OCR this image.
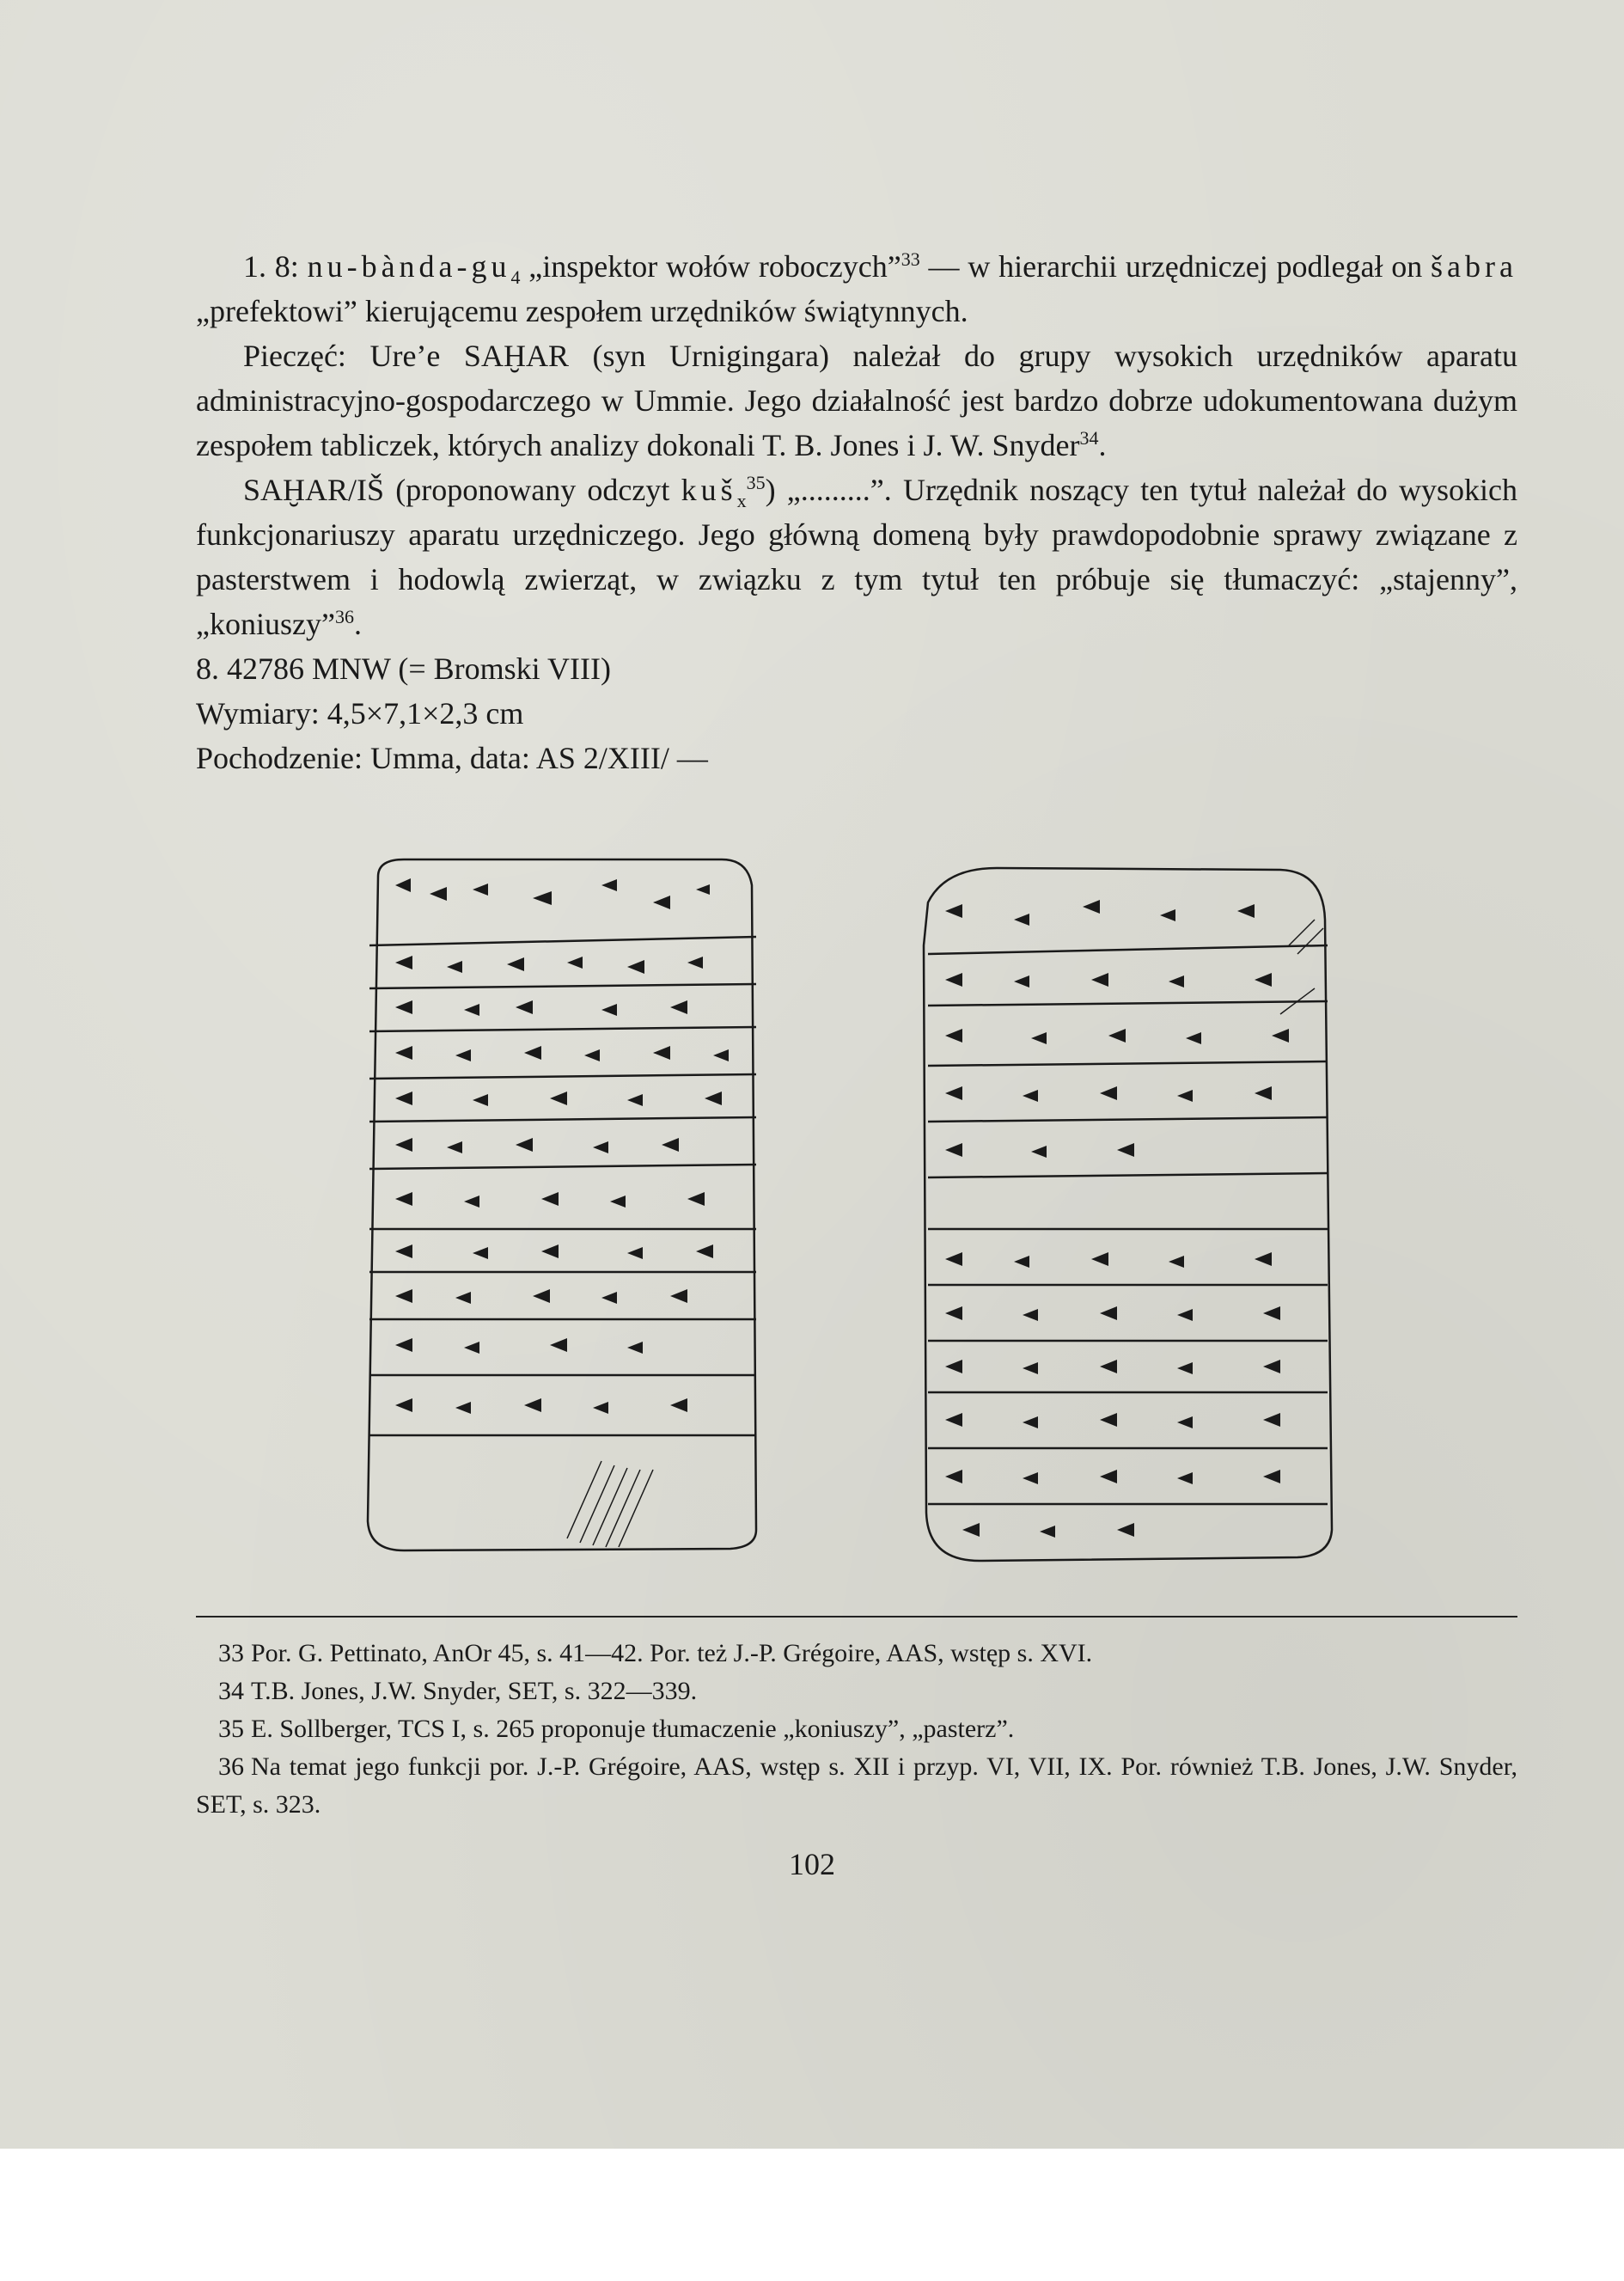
1. 8: $nu-bànda-gu_4$ „inspektor wołów roboczych”$^{33}$ — w hierarchii urzędniczej podlegał on šabra „prefektowi” kierującemu zespołem urzędników świątynnych.

Pieczęć: Ure’e SAḪAR (syn Urnigingara) należał do grupy wysokich urzędników aparatu administracyjno-gospodarczego w Ummie. Jego działalność jest bardzo dobrze udokumentowana dużym zespołem tabliczek, których analizy dokonali T. B. Jones i J. W. Snyder$^{34}$.

SAḪAR/IŠ (proponowany odczyt kuš$_x^{35}$) „.........”. Urzędnik noszący ten tytuł należał do wysokich funkcjonariuszy aparatu urzędniczego. Jego główną domeną były prawdopodobnie sprawy związane z pasterstwem i hodowlą zwierząt, w związku z tym tytuł ten próbuje się tłumaczyć: „stajenny”, „koniuszy”$^{36}$.

8. 42786 MNW (= Bromski VIII)
Wymiary: 4,5×7,1×2,3 cm
Pochodzenie: Umma, data: AS 2/XIII/ —

33 Por. G. Pettinato, AnOr 45, s. 41—42. Por. też J.-P. Grégoire, AAS, wstęp s. XVI.

34 T.B. Jones, J.W. Snyder, SET, s. 322—339.

35 E. Sollberger, TCS I, s. 265 proponuje tłumaczenie „koniuszy”, „pasterz”.

36 Na temat jego funkcji por. J.-P. Grégoire, AAS, wstęp s. XII i przyp. VI, VII, IX. Por. również T.B. Jones, J.W. Snyder, SET, s. 323.

102
